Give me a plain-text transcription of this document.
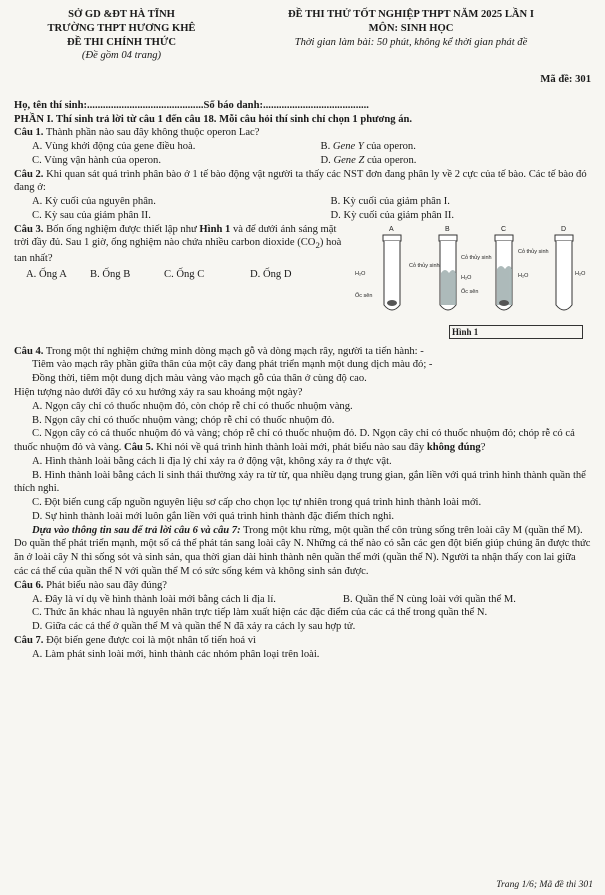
SỞ GD &ĐT HÀ TĨNH
TRƯỜNG THPT HƯƠNG KHÊ
ĐỀ THI CHÍNH THỨC
(Đề gồm 04 trang)
ĐỀ THI THỬ TỐT NGHIỆP THPT NĂM 2025 LẦN I
MÔN: SINH HỌC
Thời gian làm bài: 50 phút, không kể thời gian phát đề
Mã đề: 301
Họ, tên thí sinh:............................................Số báo danh:........................................
PHẦN I. Thí sinh trả lời từ câu 1 đến câu 18. Mỗi câu hỏi thí sinh chỉ chọn 1 phương án.
Câu 1. Thành phần nào sau đây không thuộc operon Lac?
A. Vùng khởi động của gene điều hoà.	B. Gene Y của operon.
C. Vùng vận hành của operon.	D. Gene Z của operon.
Câu 2. Khi quan sát quá trình phân bào ở 1 tế bào động vật người ta thấy các NST đơn đang phân ly về 2 cực của tế bào. Các tế bào đó đang ở:
A. Kỳ cuối của nguyên phân.	B. Kỳ cuối của giảm phân I.
C. Kỳ sau của giảm phân II.	D. Kỳ cuối của giảm phân II.
Câu 3. Bốn ống nghiệm được thiết lập như Hình 1 và để dưới ánh sáng mặt trời đầy đủ. Sau 1 giờ, ống nghiệm nào chứa nhiều carbon dioxide $(CO_2)$ hoà tan nhất?
A. Ống A	B. Ống B	C. Ống C	D. Ống D
A	B	C	D
H₂O
Ốc sên
Cỏ thủy sinh
Cỏ thủy sinh
H₂O
Ốc sên
Cỏ thủy sinh
H₂O	H₂O
Hình 1
Câu 4. Trong một thí nghiệm chứng minh dòng mạch gỗ và dòng mạch rây, người ta tiến hành: -
Tiêm vào mạch rây phần giữa thân của một cây đang phát triển mạnh một dung dịch màu đỏ; -
Đồng thời, tiêm một dung dịch màu vàng vào mạch gỗ của thân ở cùng độ cao.
Hiện tượng nào dưới đây có xu hướng xảy ra sau khoảng một ngày?
A. Ngọn cây chỉ có thuốc nhuộm đỏ, còn chóp rễ chỉ có thuốc nhuộm vàng.
B. Ngọn cây chỉ có thuốc nhuộm vàng; chóp rễ chỉ có thuốc nhuộm đỏ.
C. Ngọn cây có cả thuốc nhuộm đỏ và vàng; chóp rễ chỉ có thuốc nhuộm đỏ. D. Ngọn cây chỉ có thuốc nhuộm đỏ; chóp rễ có cả thuốc nhuộm đỏ và vàng. Câu 5. Khi nói về quá trình hình thành loài mới, phát biểu nào sau đây không đúng?
A. Hình thành loài bằng cách li địa lý chỉ xảy ra ở động vật, không xảy ra ở thực vật.
B. Hình thành loài bằng cách li sinh thái thường xảy ra từ từ, qua nhiều dạng trung gian, gắn liền với quá trình hình thành quần thể thích nghi.
C. Đột biến cung cấp nguồn nguyên liệu sơ cấp cho chọn lọc tự nhiên trong quá trình hình thành loài mới.
D. Sự hình thành loài mới luôn gắn liền với quá trình hình thành đặc điểm thích nghi.
Dựa vào thông tin sau để trả lời câu 6 và câu 7: Trong một khu rừng, một quần thể côn trùng sống trên loài cây M (quần thể M). Do quần thể phát triển mạnh, một số cá thể phát tán sang loài cây N. Những cá thể nào có sẵn các gen đột biến giúp chúng ăn được thức ăn ở loài cây N thì sống sót và sinh sản, qua thời gian dài hình thành nên quần thể mới (quần thể N). Người ta nhận thấy con lai giữa các cá thể của quần thể N với quần thể M có sức sống kém và không sinh sản được.
Câu 6. Phát biểu nào sau đây đúng?
A. Đây là ví dụ về hình thành loài mới bằng cách li địa lí.	B. Quần thể N cùng loài với quần thể M.
C. Thức ăn khác nhau là nguyên nhân trực tiếp làm xuất hiện các đặc điểm của các cá thể trong quần thể N.
D. Giữa các cá thể ở quần thể M và quần thể N đã xảy ra cách ly sau hợp tử.
Câu 7. Đột biến gene được coi là một nhân tố tiến hoá vì
A. Làm phát sinh loài mới, hình thành các nhóm phân loại trên loài.
Trang 1/6; Mã đề thi 301
